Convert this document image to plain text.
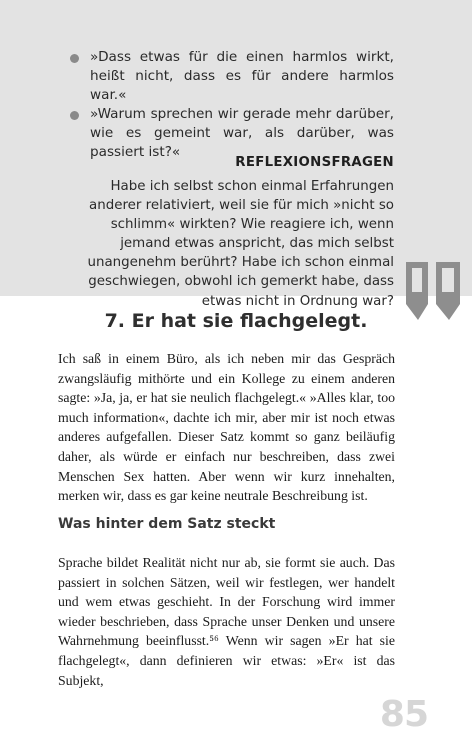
»Dass etwas für die einen harmlos wirkt, heißt nicht, dass es für andere harmlos war.«
»Warum sprechen wir gerade mehr darüber, wie es gemeint war, als darüber, was passiert ist?«
REFLEXIONSFRAGEN
Habe ich selbst schon einmal Erfahrungen anderer relativiert, weil sie für mich »nicht so schlimm« wirkten? Wie reagiere ich, wenn jemand etwas anspricht, das mich selbst unangenehm berührt? Habe ich schon einmal geschwiegen, obwohl ich gemerkt habe, dass etwas nicht in Ordnung war?
7. Er hat sie flachgelegt.

Ich saß in einem Büro, als ich neben mir das Gespräch zwangsläufig mithörte und ein Kollege zu einem anderen sagte: »Ja, ja, er hat sie neulich flachgelegt.« »Alles klar, too much information«, dachte ich mir, aber mir ist noch etwas anderes aufgefallen. Dieser Satz kommt so ganz beiläufig daher, als würde er einfach nur beschreiben, dass zwei Menschen Sex hatten. Aber wenn wir kurz innehalten, merken wir, dass es gar keine neutrale Beschreibung ist.

Was hinter dem Satz steckt

Sprache bildet Realität nicht nur ab, sie formt sie auch. Das passiert in solchen Sätzen, weil wir festlegen, wer handelt und wem etwas geschieht. In der Forschung wird immer wieder beschrieben, dass Sprache unser Denken und unsere Wahrnehmung beeinflusst.⁵⁶ Wenn wir sagen »Er hat sie flachgelegt«, dann definieren wir etwas: »Er« ist das Subjekt,

85
